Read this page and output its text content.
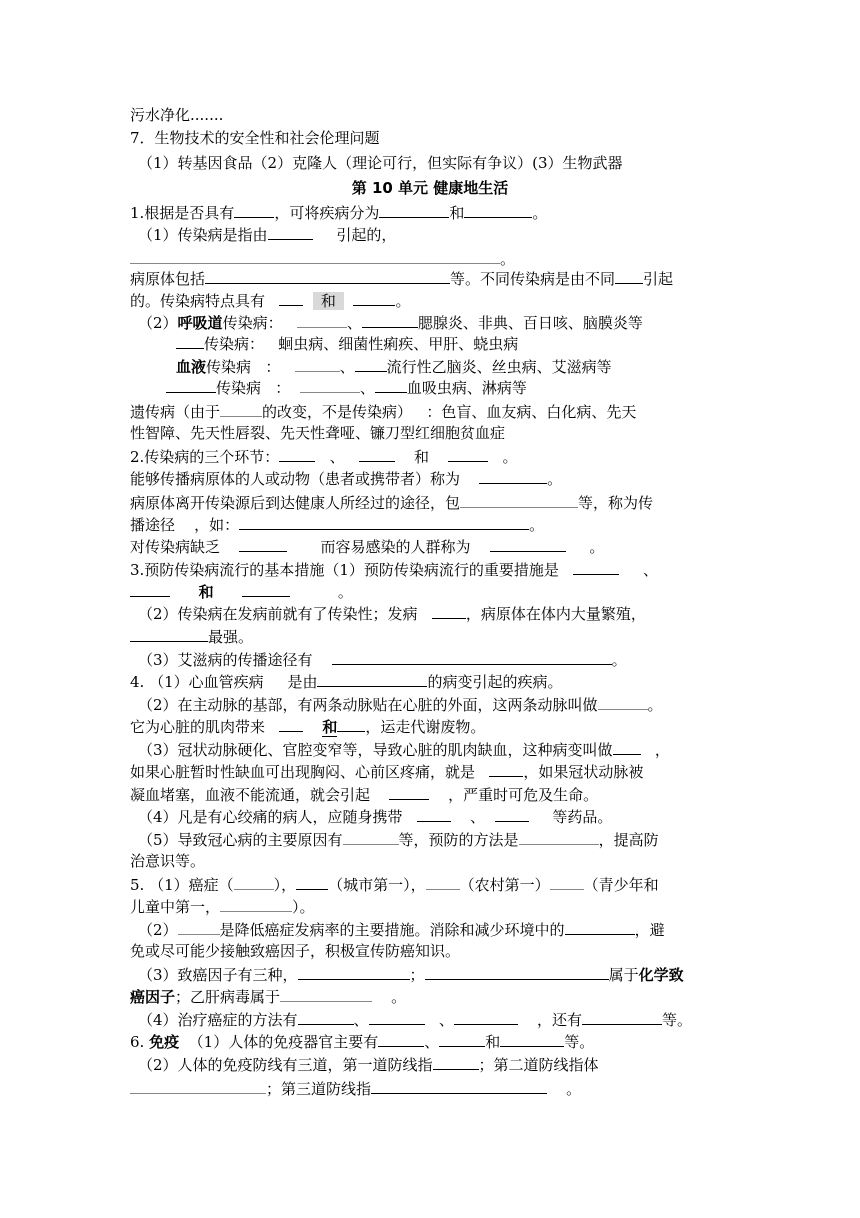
污水净化.......
7．生物技术的安全性和社会伦理问题
（1）转基因食品（2）克隆人（理论可行，但实际有争议）(3）生物武器
第 10 单元 健康地生活
1.根据是否具有	，可将疾病分为	和	。
（1）传染病是指由	引起的，
。
病原体包括	等。不同传染病是由不同 引起
的。传染病特点具有	和	。
（2）呼吸道传染病：	、	腮腺炎、非典、百日咳、脑膜炎等
传染病：   蛔虫病、细菌性痢疾、甲肝、蛲虫病
血液传染病   ：	、 流行性乙脑炎、丝虫病、艾滋病等
传染病   ：	、 血吸虫病、淋病等
遗传病（由于	的改变，不是传染病）   ：色盲、血友病、白化病、先天
性智障、先天性唇裂、先天性聋哑、镰刀型红细胞贫血症
2.传染病的三个环节：	、	和	。
能够传播病原体的人或动物（患者或携带者）称为	。
病原体离开传染源后到达健康人所经过的途径，包	等，称为传
播途径    ，如：	。
对传染病缺乏	而容易感染的人群称为	。
3.预防传染病流行的基本措施（1）预防传染病流行的重要措施是	、
和	。
（2）传染病在发病前就有了传染性；发病	，病原体在体内大量繁殖，
最强。
（3）艾滋病的传播途径有	。
4. （1）心血管疾病     是由	的病变引起的疾病。
（2）在主动脉的基部，有两条动脉贴在心脏的外面，这两条动脉叫做	。
它为心脏的肌肉带来	和 ，运走代谢废物。
（3）冠状动脉硬化、官腔变窄等，导致心脏的肌肉缺血，这种病变叫做	，
如果心脏暂时性缺血可出现胸闷、心前区疼痛，就是	，如果冠状动脉被
凝血堵塞，血液不能流通，就会引起	，严重时可危及生命。
（4）凡是有心绞痛的病人，应随身携带	、	等药品。
（5）导致冠心病的主要原因有	等，预防的方法是	，提高防
治意识等。
5. （1）癌症（	）， （城市第一）， （农村第一） （青少年和
儿童中第一，	）。
（2）	是降低癌症发病率的主要措施。消除和减少环境中的	，避
免或尽可能少接触致癌因子，积极宣传防癌知识。
（3）致癌因子有三种，	；	属于化学致
癌因子；乙肝病毒属于	。
（4）治疗癌症的方法有	、	、	，还有	等。
6. 免疫  （1）人体的免疫器官主要有	、	和	等。
（2）人体的免疫防线有三道，第一道防线指	；第二道防线指体
；第三道防线指	。
